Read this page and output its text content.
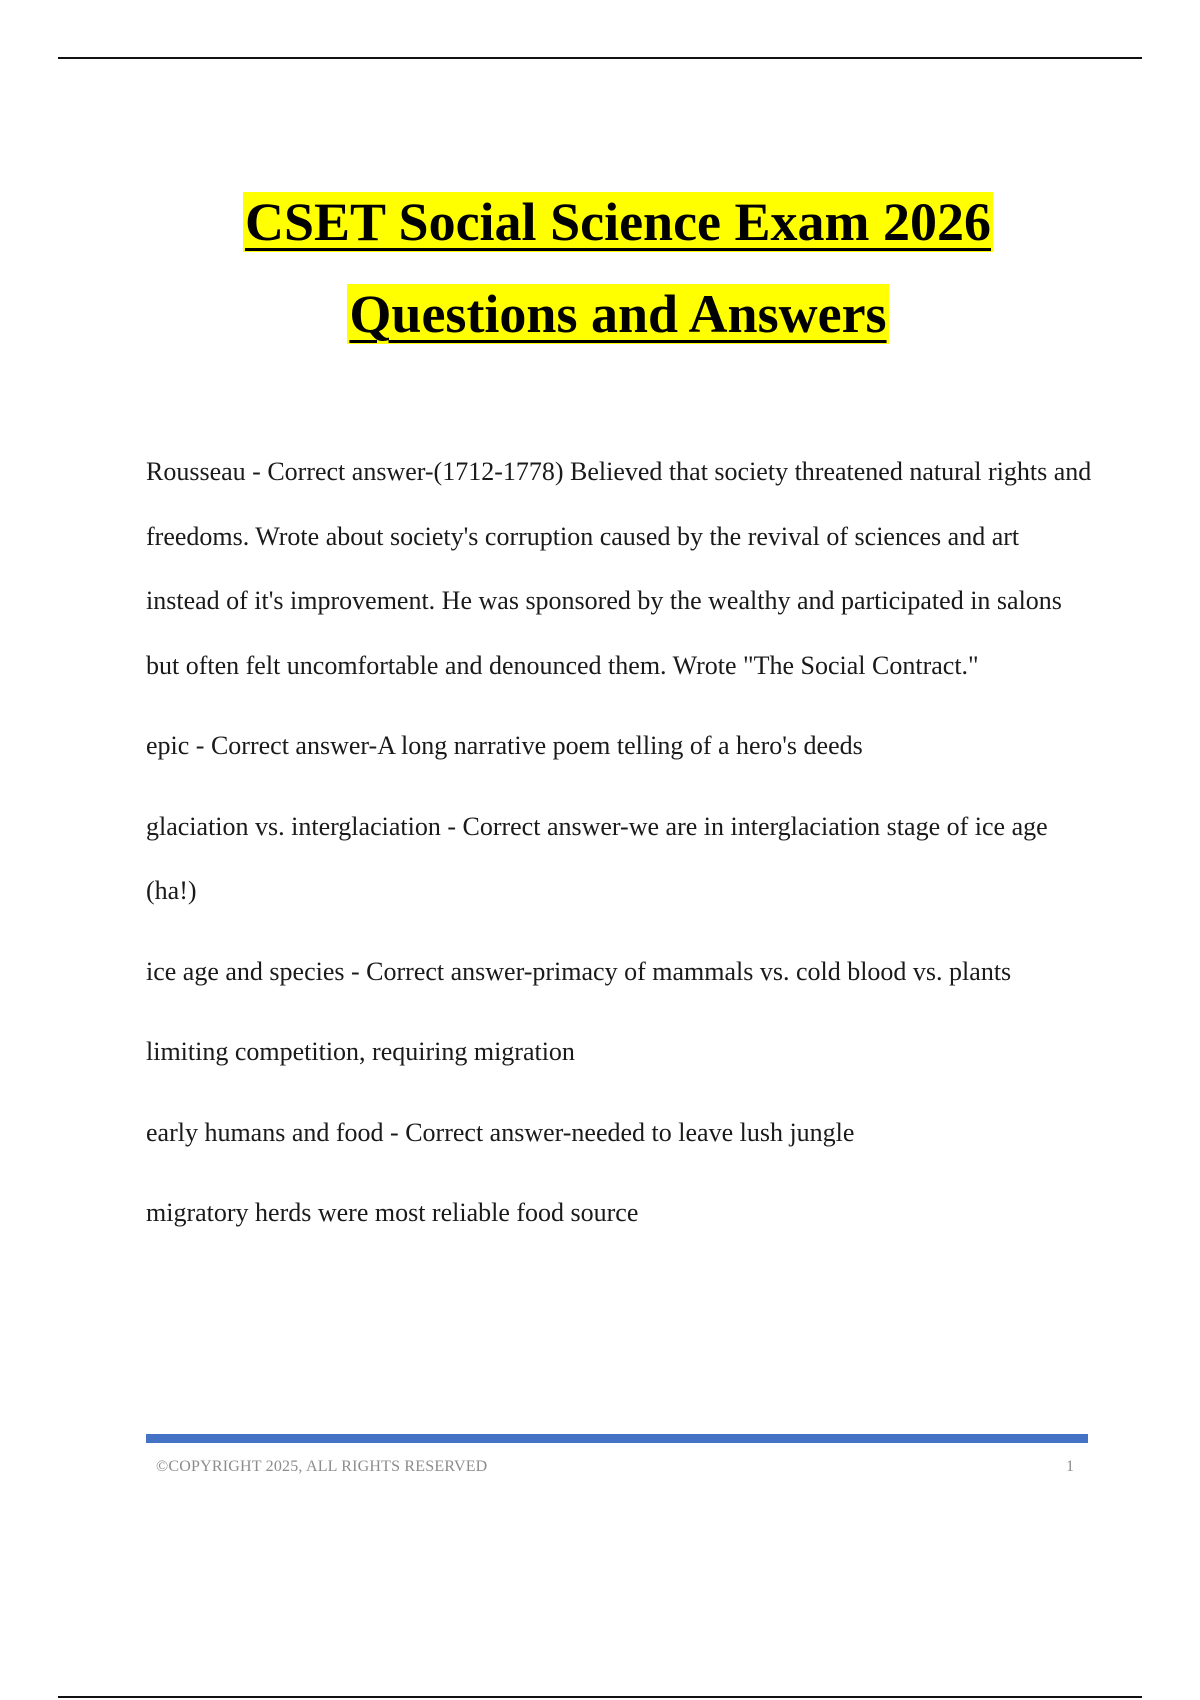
CSET Social Science Exam 2026
Questions and Answers

Rousseau - Correct answer-(1712-1778) Believed that society threatened natural rights and freedoms. Wrote about society's corruption caused by the revival of sciences and art instead of it's improvement. He was sponsored by the wealthy and participated in salons but often felt uncomfortable and denounced them. Wrote "The Social Contract."

epic - Correct answer-A long narrative poem telling of a hero's deeds

glaciation vs. interglaciation - Correct answer-we are in interglaciation stage of ice age (ha!)

ice age and species - Correct answer-primacy of mammals vs. cold blood vs. plants

limiting competition, requiring migration

early humans and food - Correct answer-needed to leave lush jungle

migratory herds were most reliable food source

©COPYRIGHT 2025, ALL RIGHTS RESERVED	1
